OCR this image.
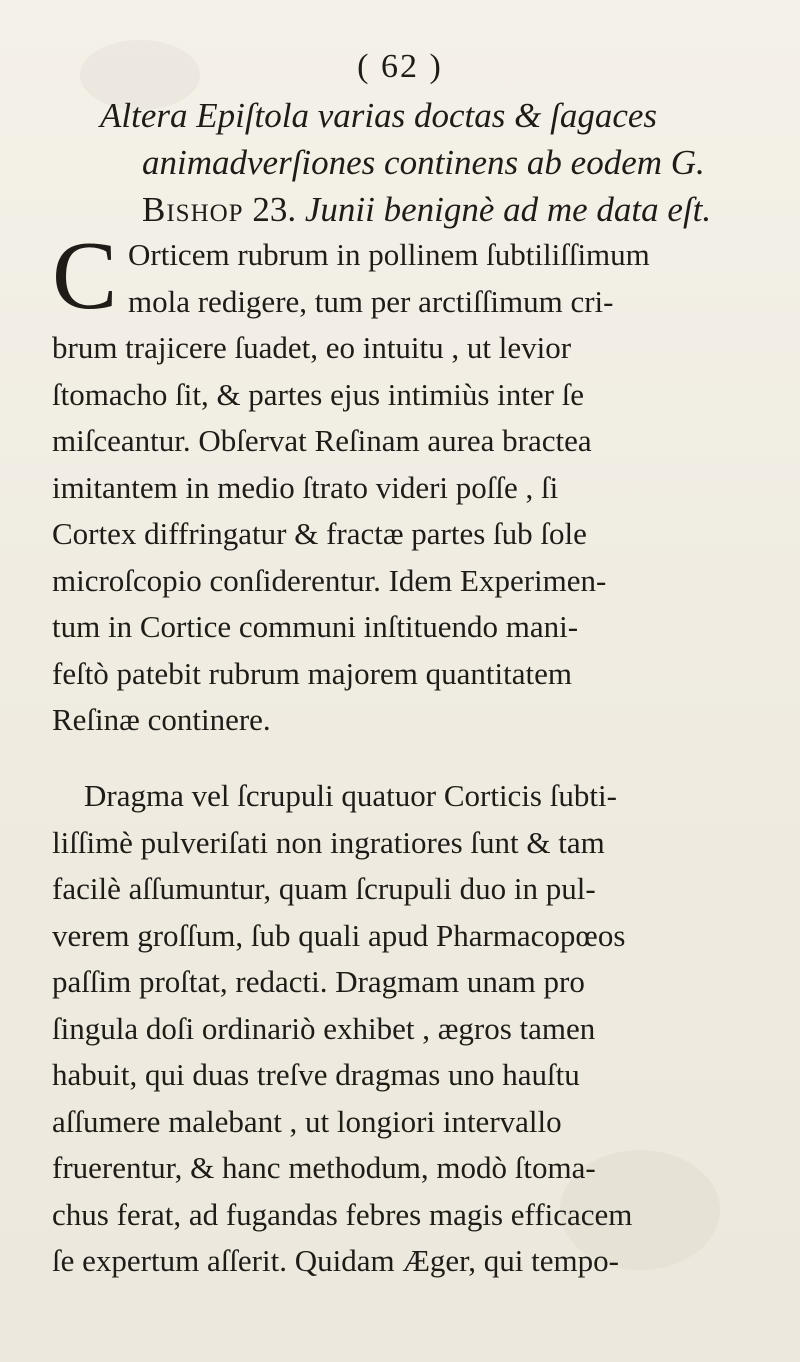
( 62 )
Altera Epiſtola varias doctas & ſagaces
animadverſiones continens ab eodem G.
Bishop 23. Junii benignè ad me data eſt.
C Orticem rubrum in pollinem ſubtiliſſimum
mola redigere, tum per arctiſſimum cri-
brum trajicere ſuadet, eo intuitu , ut levior
ſtomacho ſit, & partes ejus intimiùs inter ſe
miſceantur. Obſervat Reſinam aurea bractea
imitantem in medio ſtrato videri poſſe , ſi
Cortex diffringatur & fractæ partes ſub ſole
microſcopio conſiderentur. Idem Experimen-
tum in Cortice communi inſtituendo mani-
feſtò patebit rubrum majorem quantitatem
Reſinæ continere.
Dragma vel ſcrupuli quatuor Corticis ſubti-
liſſimè pulveriſati non ingratiores ſunt & tam
facilè aſſumuntur, quam ſcrupuli duo in pul-
verem groſſum, ſub quali apud Pharmacopœos
paſſim proſtat, redacti. Dragmam unam pro
ſingula doſi ordinariò exhibet , ægros tamen
habuit, qui duas treſve dragmas uno hauſtu
aſſumere malebant , ut longiori intervallo
fruerentur, & hanc methodum, modò ſtoma-
chus ferat, ad fugandas febres magis efficacem
ſe expertum aſſerit. Quidam Æger, qui tempo-
